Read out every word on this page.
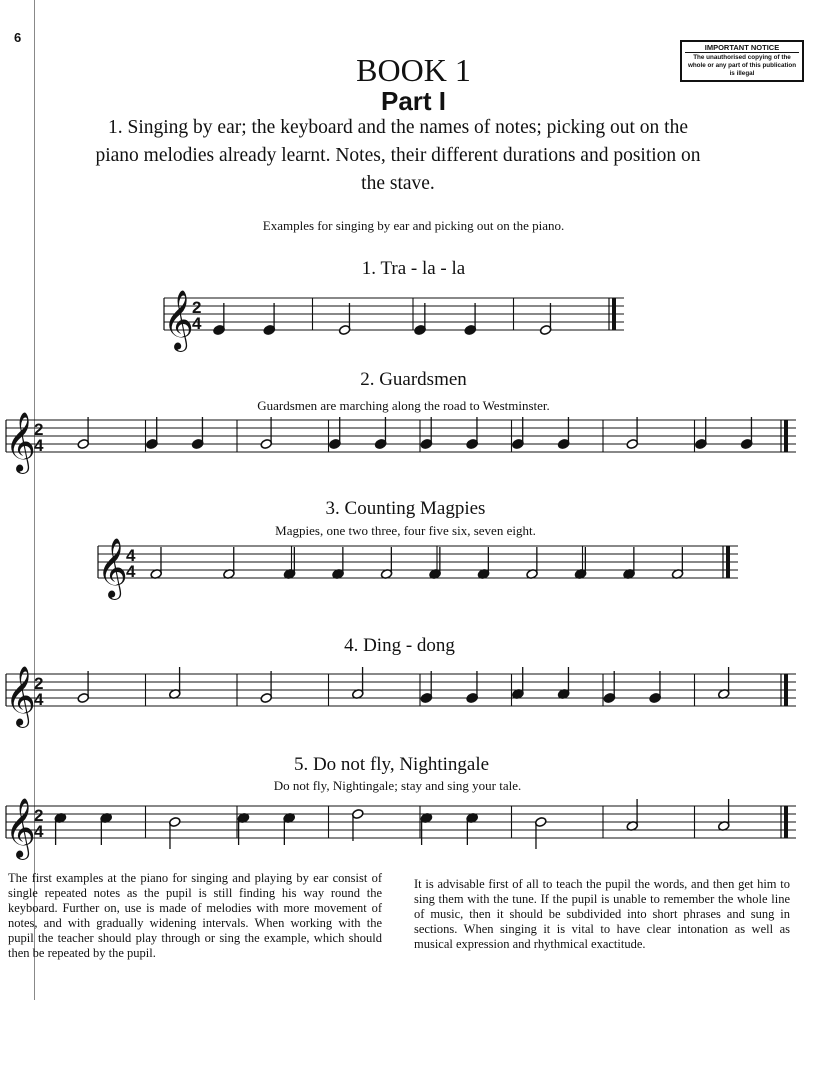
6
IMPORTANT NOTICE
The unauthorised copying of the whole or any part of this publication is illegal
BOOK 1
Part I
1. Singing by ear; the keyboard and the names of notes; picking out on the piano melodies already learnt. Notes, their different durations and position on the stave.
Examples for singing by ear and picking out on the piano.
1. Tra - la - la
𝄞
2
4
2. Guardsmen
Guardsmen are marching along the road to Westminster.
𝄞
2
4
3. Counting Magpies
Magpies, one two three, four five six, seven eight.
𝄞
4
4
4. Ding - dong
𝄞
2
4
5. Do not fly, Nightingale
Do not fly, Nightingale; stay and sing your tale.
𝄞
2
4
The first examples at the piano for singing and playing by ear consist of single repeated notes as the pupil is still finding his way round the keyboard. Further on, use is made of melodies with more movement of notes, and with gradually widening intervals. When working with the pupil the teacher should play through or sing the example, which should then be repeated by the pupil.
It is advisable first of all to teach the pupil the words, and then get him to sing them with the tune. If the pupil is unable to remember the whole line of music, then it should be subdivided into short phrases and sung in sections. When singing it is vital to have clear intonation as well as musical expression and rhythmical exactitude.
